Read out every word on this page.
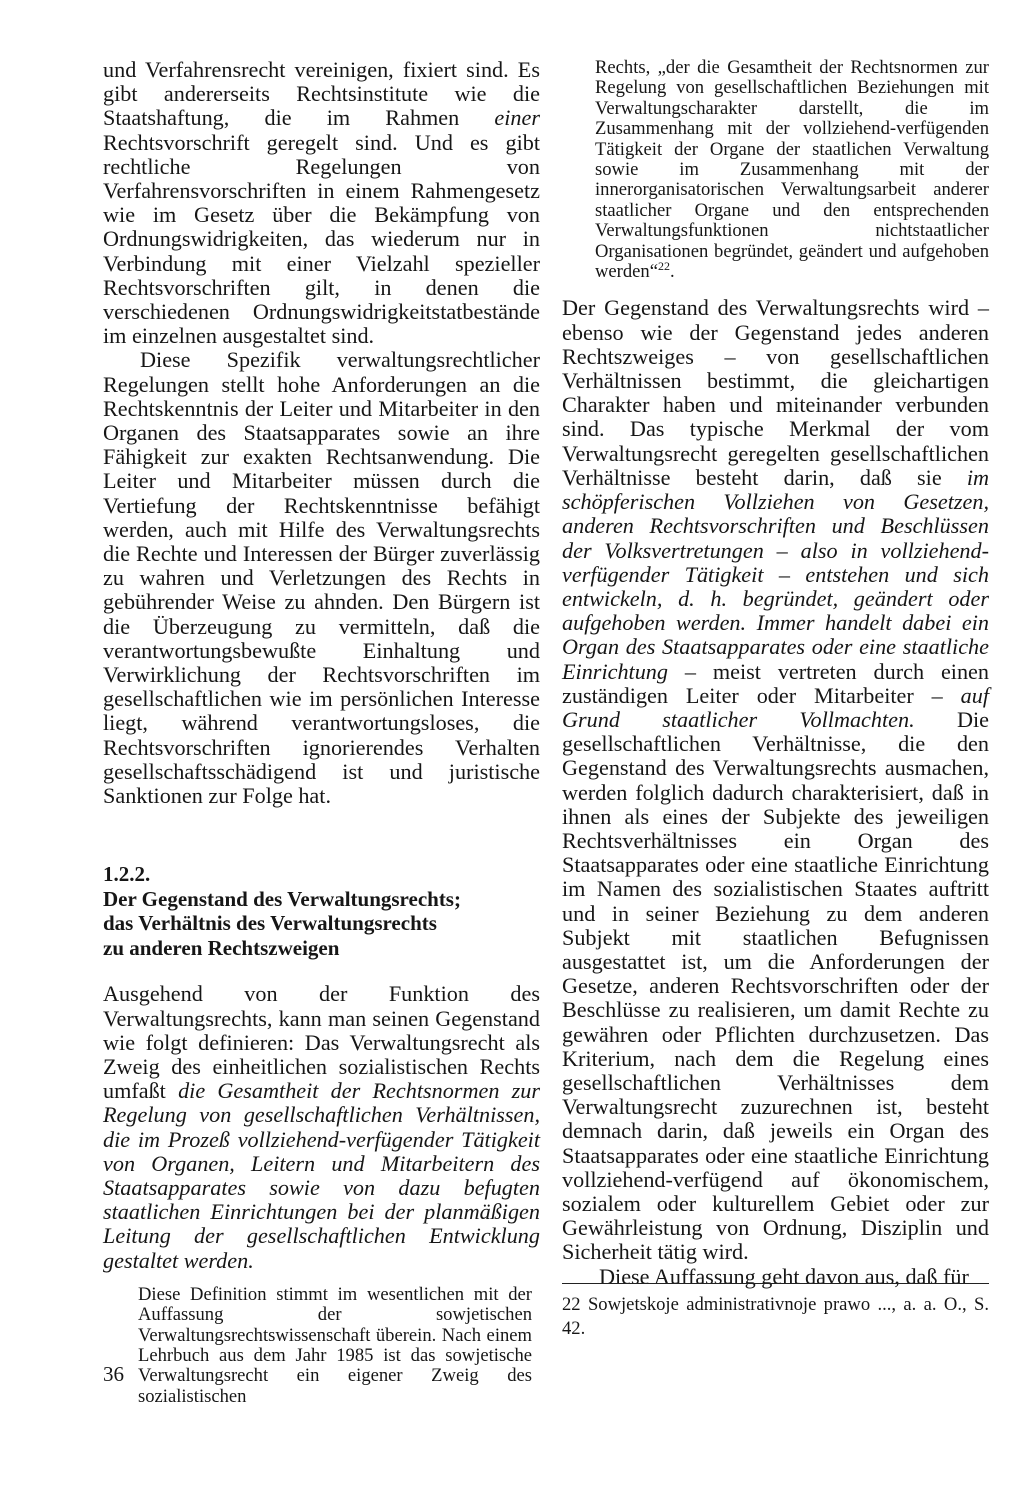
und Verfahrensrecht vereinigen, fixiert sind. Es gibt andererseits Rechtsinstitute wie die Staatshaftung, die im Rahmen einer Rechtsvorschrift geregelt sind. Und es gibt rechtliche Regelungen von Verfahrensvorschriften in einem Rahmengesetz wie im Gesetz über die Bekämpfung von Ordnungswidrigkeiten, das wiederum nur in Verbindung mit einer Vielzahl spezieller Rechtsvorschriften gilt, in denen die verschiedenen Ordnungswidrigkeitstatbestände im einzelnen ausgestaltet sind.

Diese Spezifik verwaltungsrechtlicher Regelungen stellt hohe Anforderungen an die Rechtskenntnis der Leiter und Mitarbeiter in den Organen des Staatsapparates sowie an ihre Fähigkeit zur exakten Rechtsanwendung. Die Leiter und Mitarbeiter müssen durch die Vertiefung der Rechtskenntnisse befähigt werden, auch mit Hilfe des Verwaltungsrechts die Rechte und Interessen der Bürger zuverlässig zu wahren und Verletzungen des Rechts in gebührender Weise zu ahnden. Den Bürgern ist die Überzeugung zu vermitteln, daß die verantwortungsbewußte Einhaltung und Verwirklichung der Rechtsvorschriften im gesellschaftlichen wie im persönlichen Interesse liegt, während verantwortungsloses, die Rechtsvorschriften ignorierendes Verhalten gesellschaftsschädigend ist und juristische Sanktionen zur Folge hat.

1.2.2.

Der Gegenstand des Verwaltungsrechts;
das Verhältnis des Verwaltungsrechts
zu anderen Rechtszweigen

Ausgehend von der Funktion des Verwaltungsrechts, kann man seinen Gegenstand wie folgt definieren: Das Verwaltungsrecht als Zweig des einheitlichen sozialistischen Rechts umfaßt die Gesamtheit der Rechtsnormen zur Regelung von gesellschaftlichen Verhältnissen, die im Prozeß vollziehend-verfügender Tätigkeit von Organen, Leitern und Mitarbeitern des Staatsapparates sowie von dazu befugten staatlichen Einrichtungen bei der planmäßigen Leitung der gesellschaftlichen Entwicklung gestaltet werden.

Diese Definition stimmt im wesentlichen mit der Auffassung der sowjetischen Verwaltungsrechtswissenschaft überein. Nach einem Lehrbuch aus dem Jahr 1985 ist das sowjetische Verwaltungsrecht ein eigener Zweig des sozialistischen

Rechts, „der die Gesamtheit der Rechtsnormen zur Regelung von gesellschaftlichen Beziehungen mit Verwaltungscharakter darstellt, die im Zusammenhang mit der vollziehend-verfügenden Tätigkeit der Organe der staatlichen Verwaltung sowie im Zusammenhang mit der innerorganisatorischen Verwaltungsarbeit anderer staatlicher Organe und den entsprechenden Verwaltungsfunktionen nichtstaatlicher Organisationen begründet, geändert und aufgehoben werden“$^{22}$.

Der Gegenstand des Verwaltungsrechts wird – ebenso wie der Gegenstand jedes anderen Rechtszweiges – von gesellschaftlichen Verhältnissen bestimmt, die gleichartigen Charakter haben und miteinander verbunden sind. Das typische Merkmal der vom Verwaltungsrecht geregelten gesellschaftlichen Verhältnisse besteht darin, daß sie im schöpferischen Vollziehen von Gesetzen, anderen Rechtsvorschriften und Beschlüssen der Volksvertretungen – also in vollziehend-verfügender Tätigkeit – entstehen und sich entwickeln, d. h. begründet, geändert oder aufgehoben werden. Immer handelt dabei ein Organ des Staatsapparates oder eine staatliche Einrichtung – meist vertreten durch einen zuständigen Leiter oder Mitarbeiter – auf Grund staatlicher Vollmachten. Die gesellschaftlichen Verhältnisse, die den Gegenstand des Verwaltungsrechts ausmachen, werden folglich dadurch charakterisiert, daß in ihnen als eines der Subjekte des jeweiligen Rechtsverhältnisses ein Organ des Staatsapparates oder eine staatliche Einrichtung im Namen des sozialistischen Staates auftritt und in seiner Beziehung zu dem anderen Subjekt mit staatlichen Befugnissen ausgestattet ist, um die Anforderungen der Gesetze, anderen Rechtsvorschriften oder der Beschlüsse zu realisieren, um damit Rechte zu gewähren oder Pflichten durchzusetzen. Das Kriterium, nach dem die Regelung eines gesellschaftlichen Verhältnisses dem Verwaltungsrecht zuzurechnen ist, besteht demnach darin, daß jeweils ein Organ des Staatsapparates oder eine staatliche Einrichtung vollziehend-verfügend auf ökonomischem, sozialem oder kulturellem Gebiet oder zur Gewährleistung von Ordnung, Disziplin und Sicherheit tätig wird.

Diese Auffassung geht davon aus, daß für

22 Sowjetskoje administrativnoje prawo ..., a. a. O., S. 42.
36
